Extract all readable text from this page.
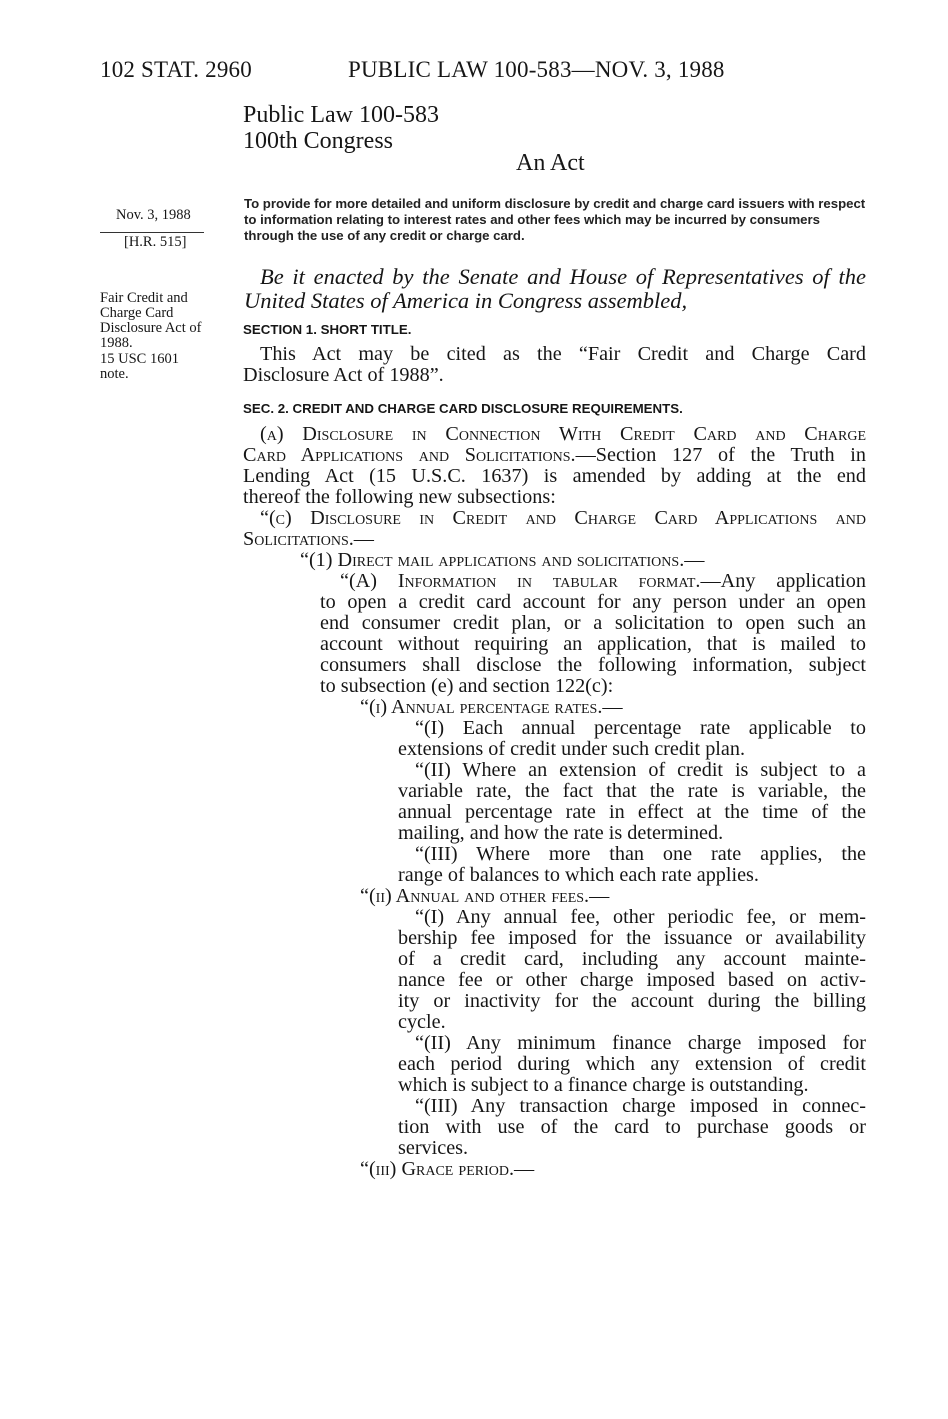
102 STAT. 2960	PUBLIC LAW 100-583—NOV. 3, 1988
Public Law 100-583
100th Congress
An Act
Nov. 3, 1988
[H.R. 515]
Fair Credit and
Charge Card
Disclosure Act of
1988.
15 USC 1601
note.
To provide for more detailed and uniform disclosure by credit and charge card issuers with respect to information relating to interest rates and other fees which may be incurred by consumers through the use of any credit or charge card.
Be it enacted by the Senate and House of Representatives of the
United States of America in Congress assembled,
SECTION 1. SHORT TITLE.
This Act may be cited as the “Fair Credit and Charge Card
Disclosure Act of 1988”.
SEC. 2. CREDIT AND CHARGE CARD DISCLOSURE REQUIREMENTS.
(a) Disclosure in Connection With Credit Card and Charge
Card Applications and Solicitations.—Section 127 of the Truth in
Lending Act (15 U.S.C. 1637) is amended by adding at the end
thereof the following new subsections:
“(c) Disclosure in Credit and Charge Card Applications and
Solicitations.—
“(1) Direct mail applications and solicitations.—
“(A) Information in tabular format.—Any application
to open a credit card account for any person under an open
end consumer credit plan, or a solicitation to open such an
account without requiring an application, that is mailed to
consumers shall disclose the following information, subject
to subsection (e) and section 122(c):
“(i) Annual percentage rates.—
“(I) Each annual percentage rate applicable to
extensions of credit under such credit plan.
“(II) Where an extension of credit is subject to a
variable rate, the fact that the rate is variable, the
annual percentage rate in effect at the time of the
mailing, and how the rate is determined.
“(III) Where more than one rate applies, the
range of balances to which each rate applies.
“(ii) Annual and other fees.—
“(I) Any annual fee, other periodic fee, or mem-
bership fee imposed for the issuance or availability
of a credit card, including any account mainte-
nance fee or other charge imposed based on activ-
ity or inactivity for the account during the billing
cycle.
“(II) Any minimum finance charge imposed for
each period during which any extension of credit
which is subject to a finance charge is outstanding.
“(III) Any transaction charge imposed in connec-
tion with use of the card to purchase goods or
services.
“(iii) Grace period.—
